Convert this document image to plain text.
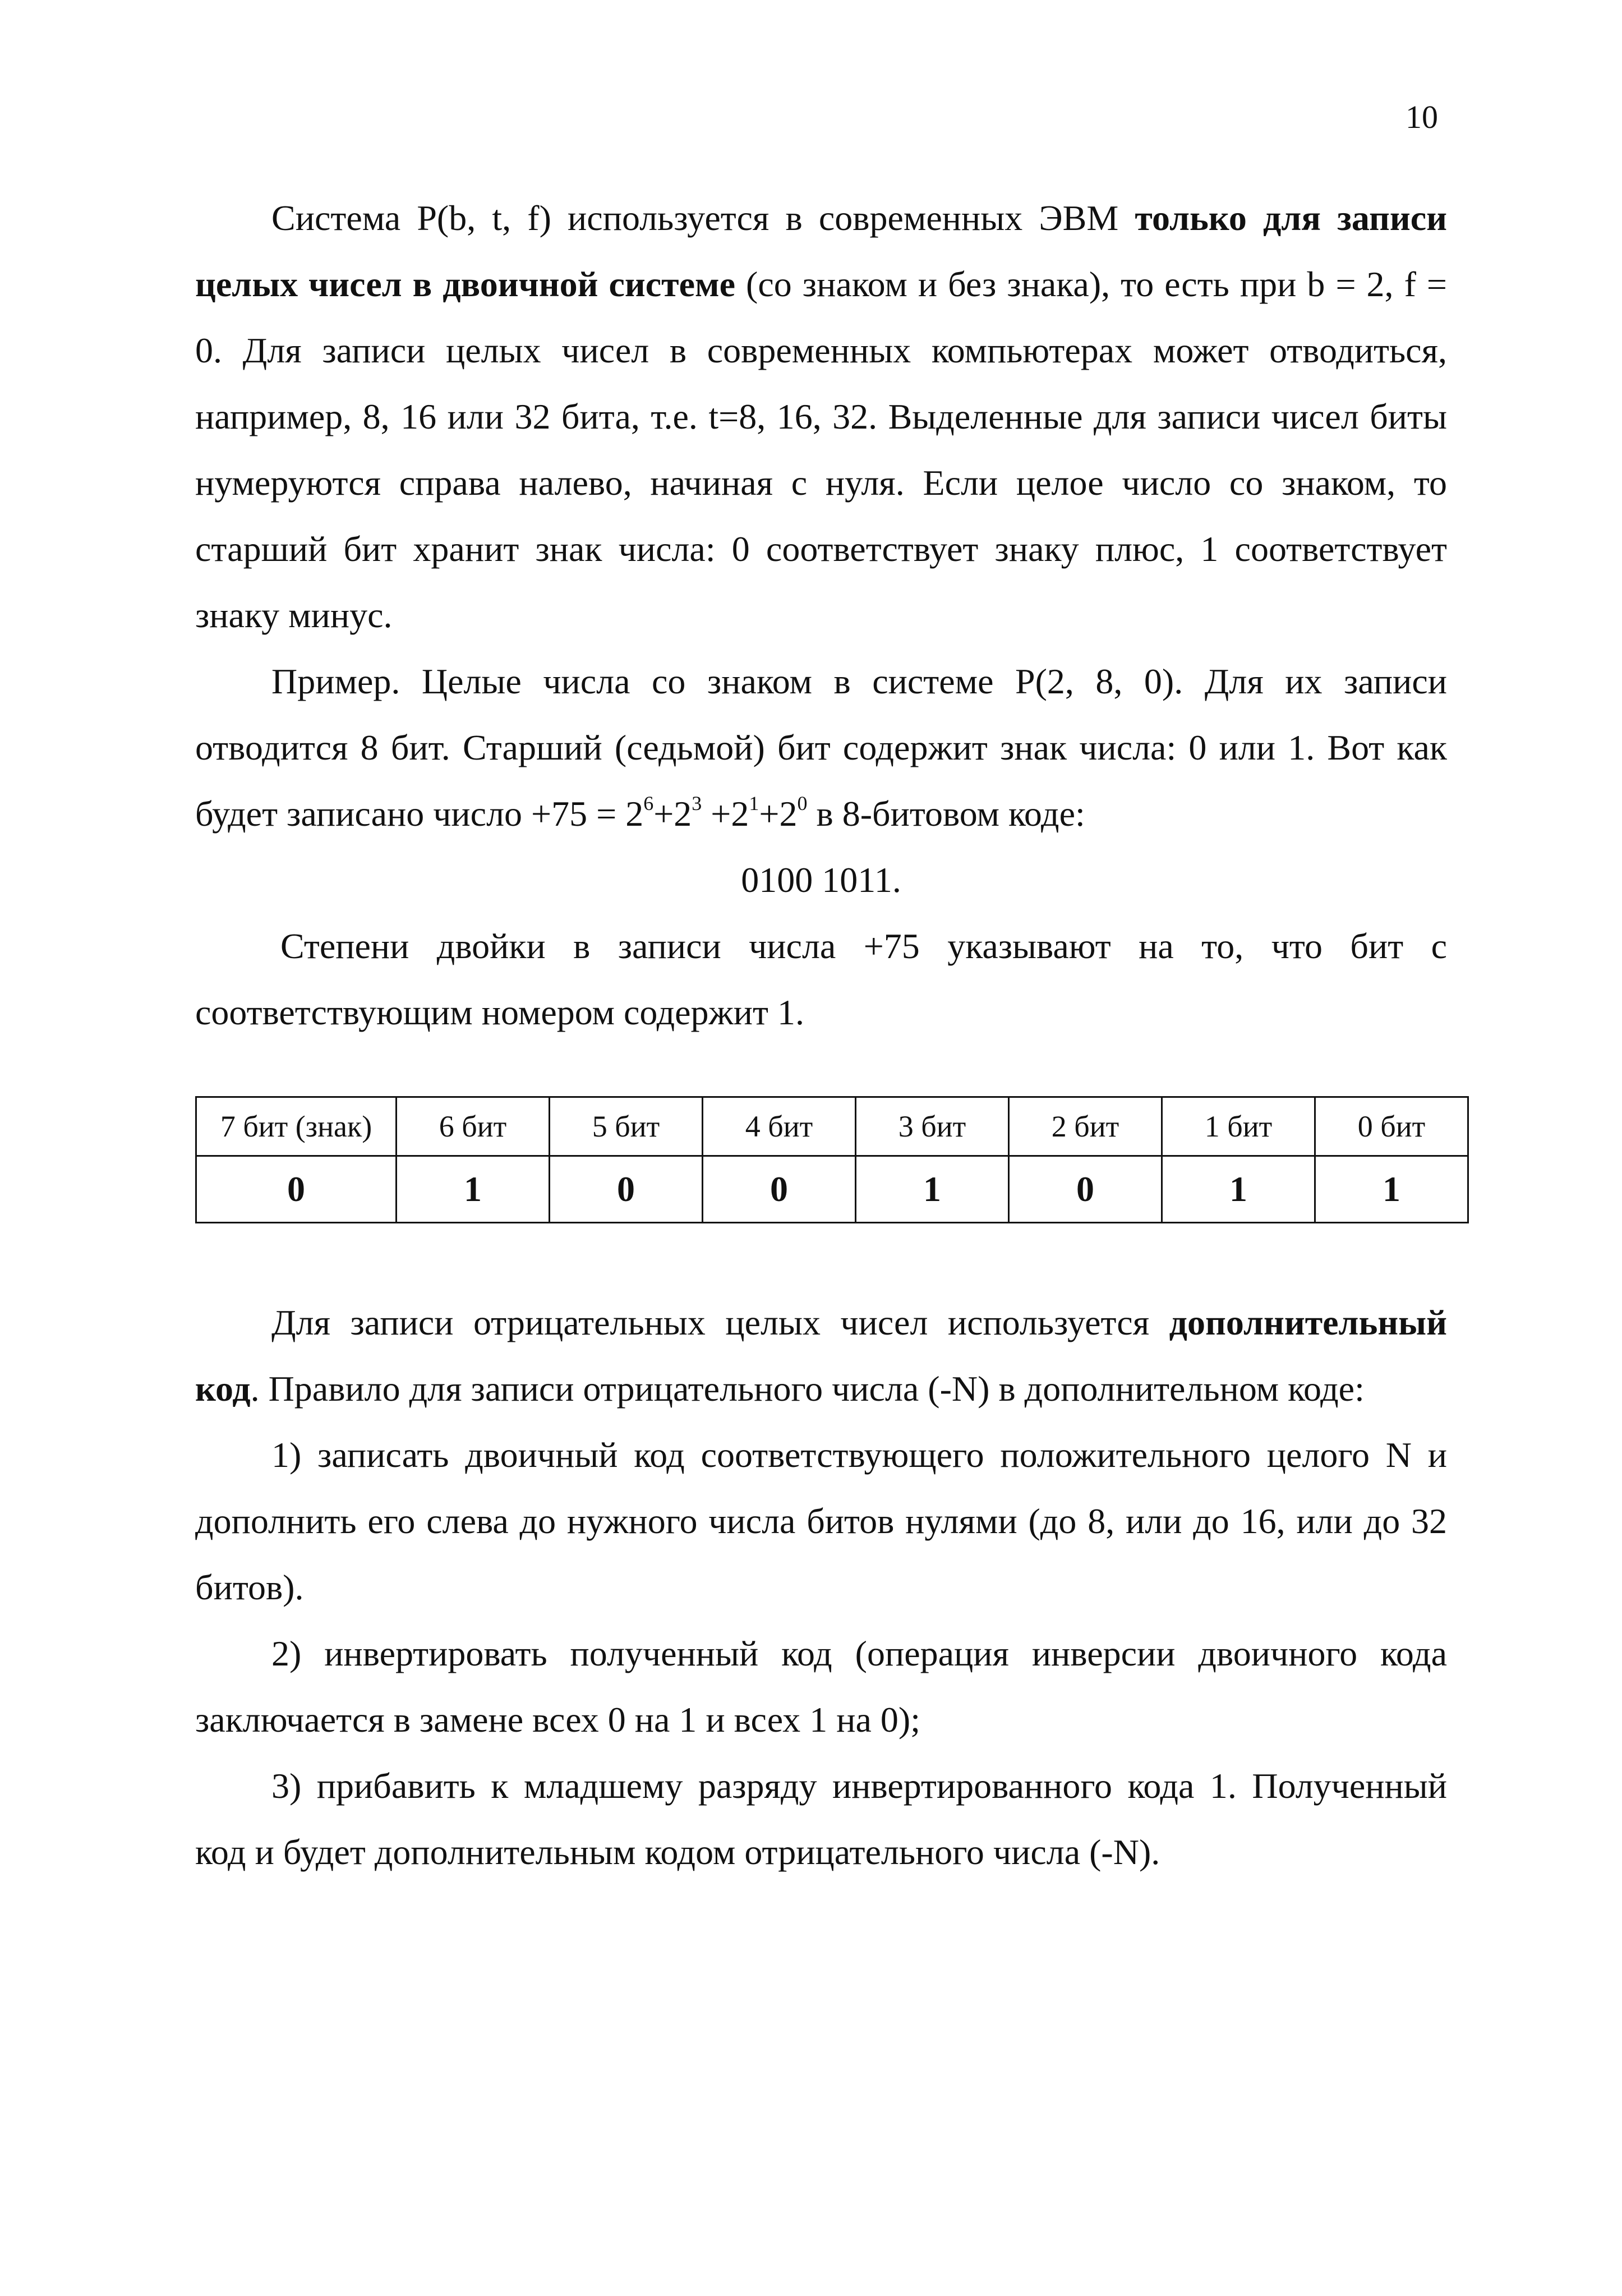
10

Система P(b, t, f) используется в современных ЭВМ только для записи целых чисел в двоичной системе (со знаком и без знака), то есть при b = 2, f = 0. Для записи целых чисел в современных компьютерах может отводиться, например, 8, 16 или 32 бита, т.е. t=8, 16, 32. Выделенные для записи чисел биты нумеруются справа налево, начиная с нуля. Если целое число со знаком, то старший бит хранит знак числа: 0 соответствует знаку плюс, 1 соответствует знаку минус.

Пример. Целые числа со знаком в системе P(2, 8, 0). Для их записи отводится 8 бит. Старший (седьмой) бит содержит знак числа: 0 или 1. Вот как будет записано число $+75 = 2^6+2^3 +2^1+2^0$ в 8-битовом коде:

0100 1011.

Степени двойки в записи числа +75 указывают на то, что бит с соответствующим номером содержит 1.

7 бит (знак)	6 бит	5 бит	4 бит	3 бит	2 бит	1 бит	0 бит
0	1	0	0	1	0	1	1

Для записи отрицательных целых чисел используется дополнительный код. Правило для записи отрицательного числа (-N) в дополнительном коде:

1) записать двоичный код соответствующего положительного целого N и дополнить его слева до нужного числа битов нулями (до 8, или до 16, или до 32 битов).

2) инвертировать полученный код (операция инверсии двоичного кода заключается в замене всех 0 на 1 и всех 1 на 0);

3) прибавить к младшему разряду инвертированного кода 1. Полученный код и будет дополнительным кодом отрицательного числа (-N).
